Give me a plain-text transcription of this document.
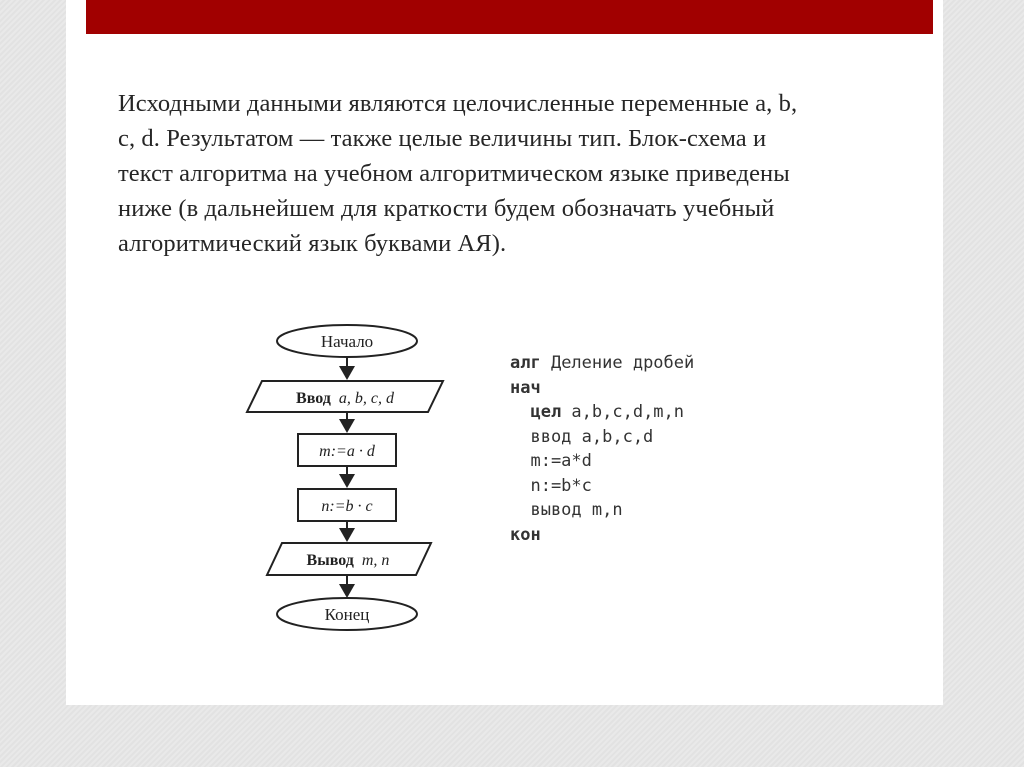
Исходными данными являются целочисленные переменные a, b,
c, d. Результатом — также целые величины тип. Блок-схема и
текст алгоритма на учебном алгоритмическом языке приведены
ниже (в дальнейшем для краткости будем обозначать учебный
алгоритмический язык буквами АЯ).
Начало
Ввод a, b, c, d
m:=a · d
n:=b · c
Вывод m, n
Конец
алг Деление дробей
нач
цел a,b,c,d,m,n
ввод a,b,c,d
m:=a*d
n:=b*c
вывод m,n
кон
